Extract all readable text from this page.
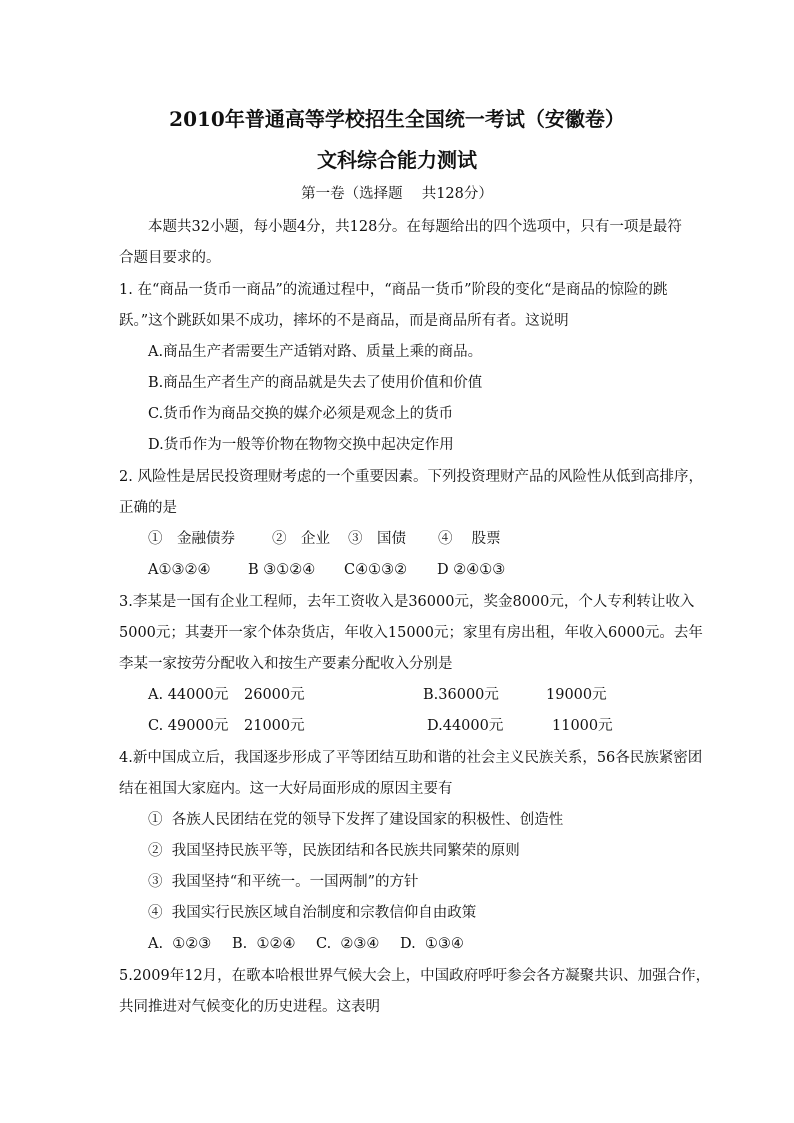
2010年普通高等学校招生全国统一考试（安徽卷）
文科综合能力测试
第一卷（选择题　 共128分）
本题共32小题，每小题4分，共128分。在每题给出的四个选项中，只有一项是最符
合题目要求的。
1. 在“商品一货币一商品”的流通过程中，“商品一货币”阶段的变化“是商品的惊险的跳
跃。”这个跳跃如果不成功，摔坏的不是商品，而是商品所有者。这说明
A.商品生产者需要生产适销对路、质量上乘的商品。
B.商品生产者生产的商品就是失去了使用价值和价值
C.货币作为商品交换的媒介必须是观念上的货币
D.货币作为一般等价物在物物交换中起决定作用
2. 风险性是居民投资理财考虑的一个重要因素。下列投资理财产品的风险性从低到高排序，
正确的是
①　金融债券	②　企业 ③　国债 ④　 股票
A①③②④	B ③①②④ C④①③② D ②④①③
3.李某是一国有企业工程师，去年工资收入是36000元，奖金8000元，个人专利转让收入
5000元；其妻开一家个体杂货店，年收入15000元；家里有房出租，年收入6000元。去年
李某一家按劳分配收入和按生产要素分配收入分别是
A. 44000元 26000元	B.36000元	19000元
C. 49000元 21000元	D.44000元	11000元
4.新中国成立后，我国逐步形成了平等团结互助和谐的社会主义民族关系，56各民族紧密团
结在祖国大家庭内。这一大好局面形成的原因主要有
①  各族人民团结在党的领导下发挥了建设国家的积极性、创造性
②  我国坚持民族平等，民族团结和各民族共同繁荣的原则
③  我国坚持“和平统一。一国两制”的方针
④  我国实行民族区域自治制度和宗教信仰自由政策
A.  ①②③ B.  ①②④ C.  ②③④ D.  ①③④
5.2009年12月，在歌本哈根世界气候大会上，中国政府呼吁参会各方凝聚共识、加强合作，
共同推进对气候变化的历史进程。这表明
